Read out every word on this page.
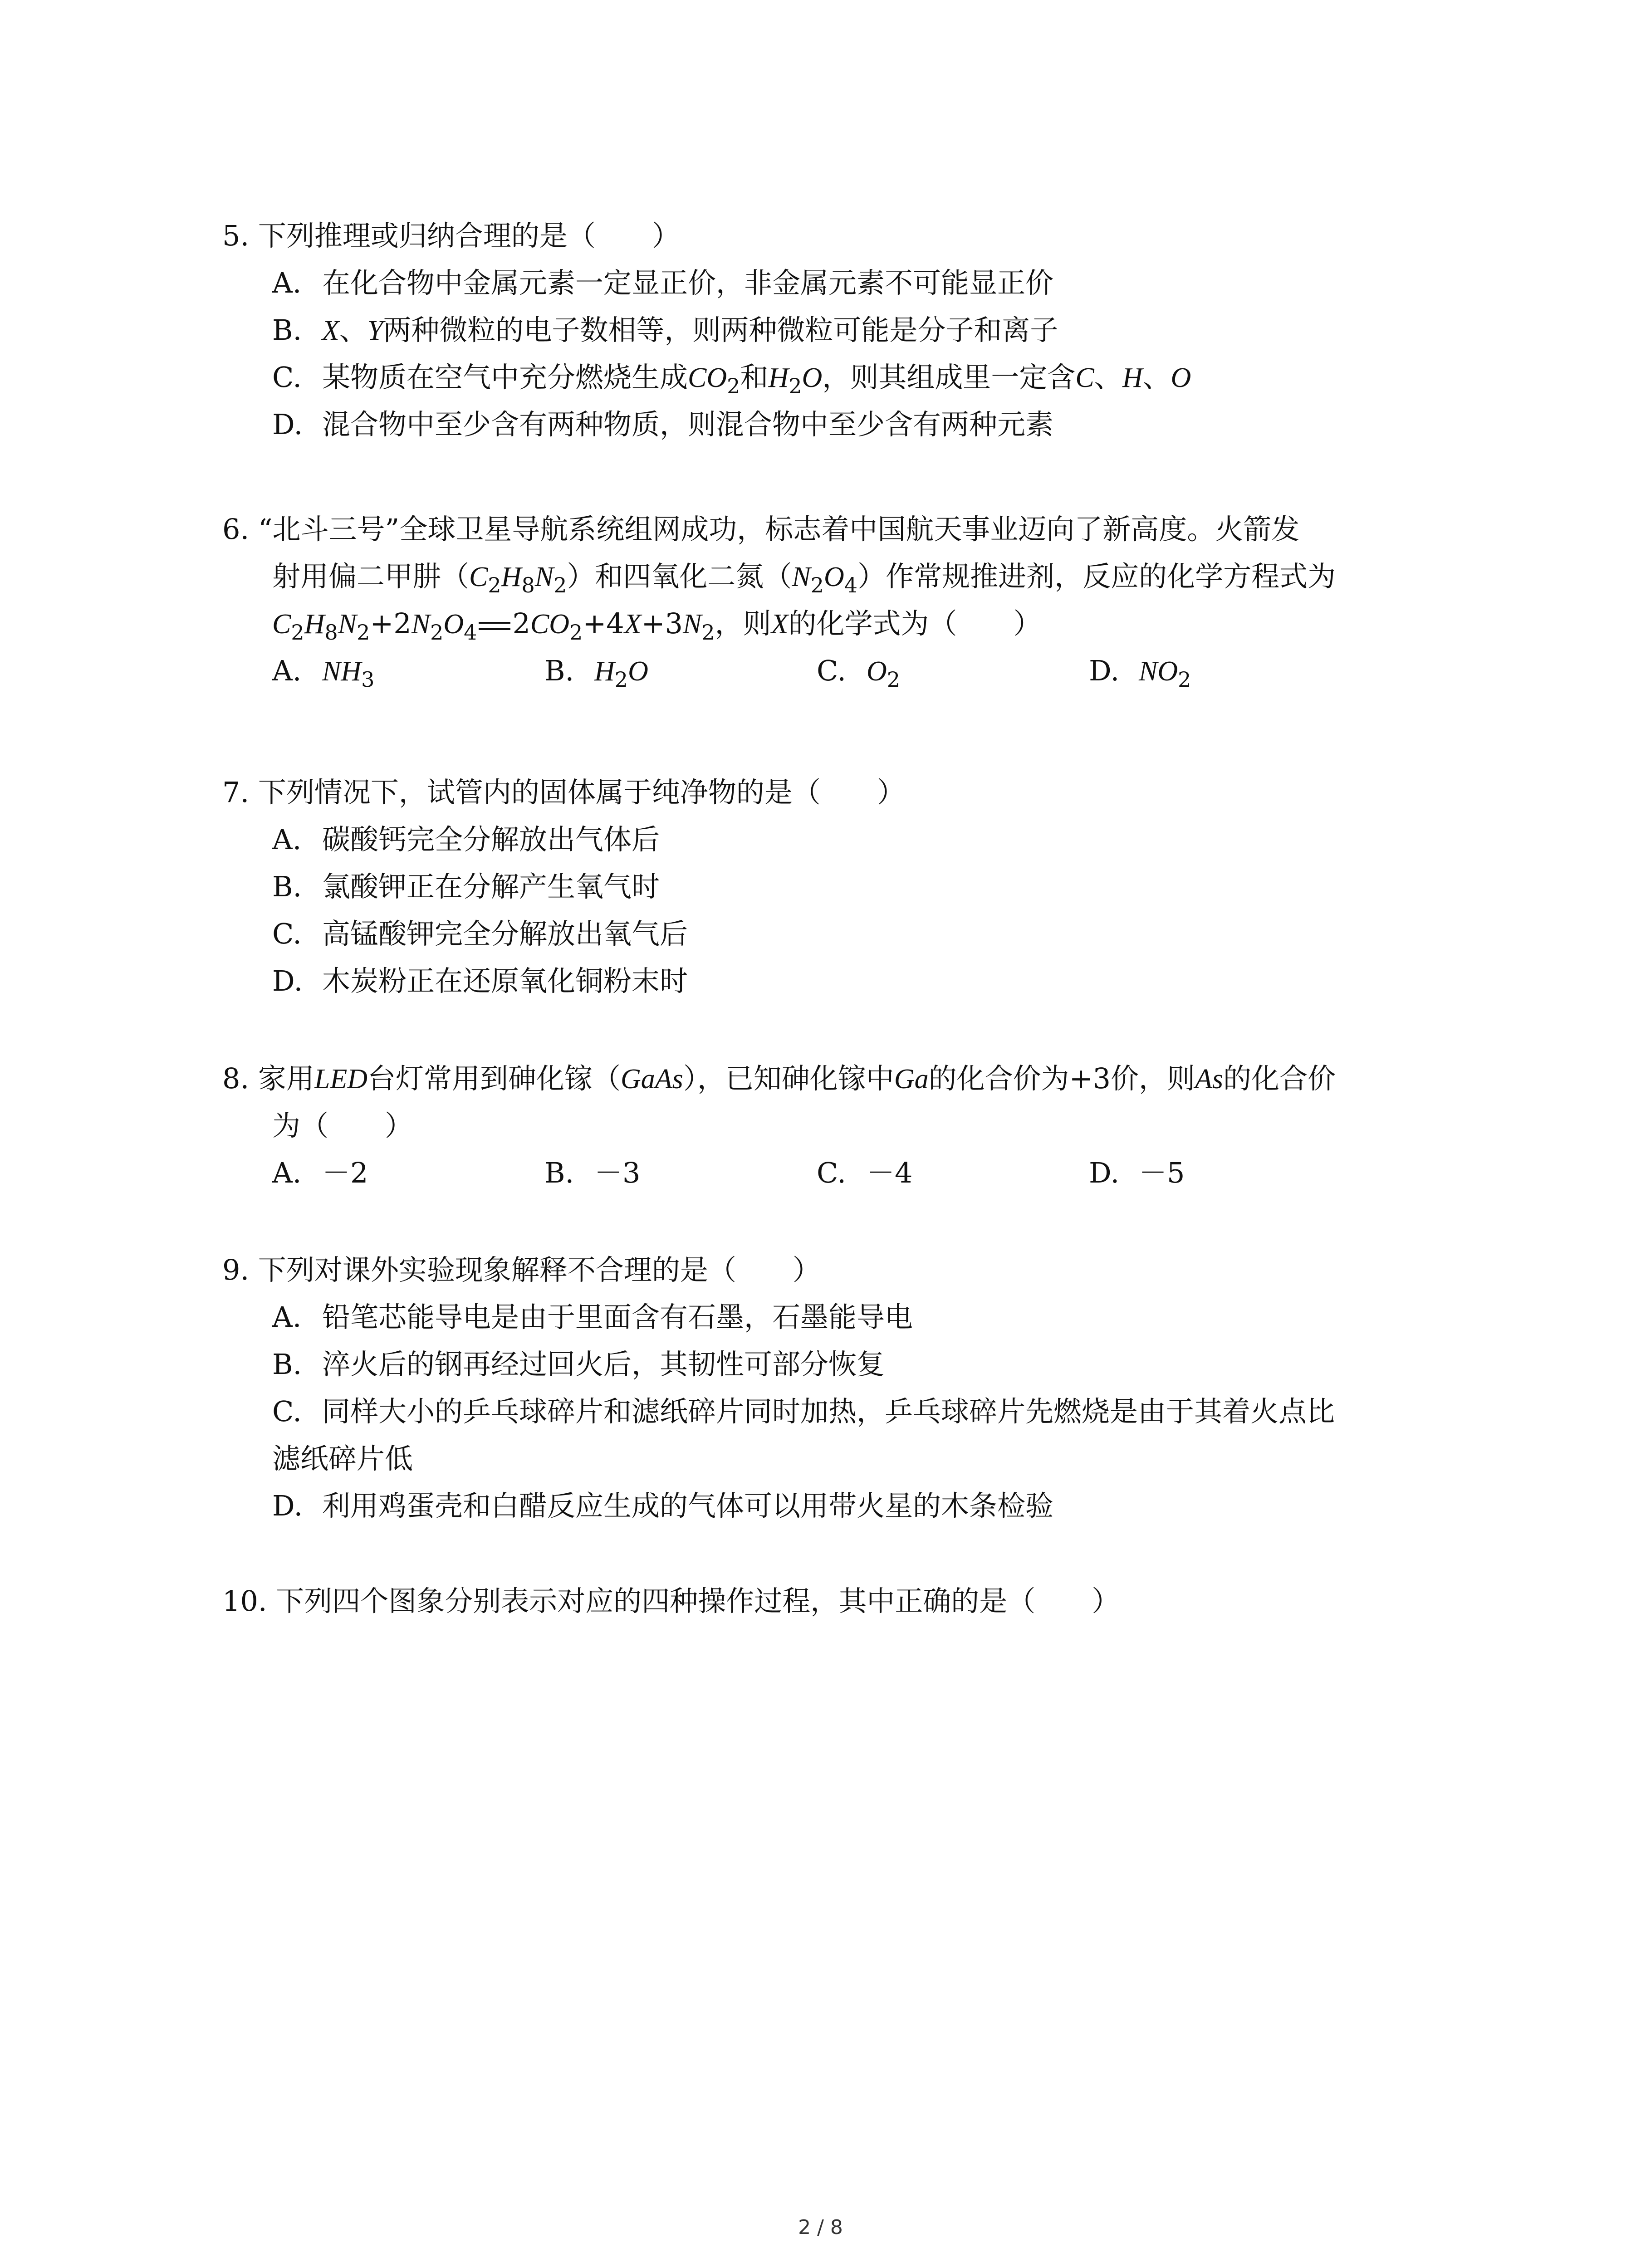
5. 下列推理或归纳合理的是（　　）
A. 在化合物中金属元素一定显正价，非金属元素不可能显正价
B. X、Y两种微粒的电子数相等，则两种微粒可能是分子和离子
C. 某物质在空气中充分燃烧生成$CO_2$和$H_2O$，则其组成里一定含C、H、O
D. 混合物中至少含有两种物质，则混合物中至少含有两种元素
6. “北斗三号”全球卫星导航系统组网成功，标志着中国航天事业迈向了新高度。火箭发
射用偏二甲肼$(C_2H_8N_2)$和四氧化二氮$(N_2O_4)$作常规推进剂，反应的化学方程式为
$C_2H_8N_2+2N_2O_4$ $2CO_2+4X+3N_2$，则X的化学式为（　　）
A. $NH_3$	B. $H_2O$	C. $O_2$	D. $NO_2$
7. 下列情况下，试管内的固体属于纯净物的是（　　）
A. 碳酸钙完全分解放出气体后
B. 氯酸钾正在分解产生氧气时
C. 高锰酸钾完全分解放出氧气后
D. 木炭粉正在还原氧化铜粉末时
8. 家用LED台灯常用到砷化镓（GaAs），已知砷化镓中Ga的化合价为+3价，则As的化合价
为（　　）
A. －2	B. －3	C. －4	D. －5
9. 下列对课外实验现象解释不合理的是（　　）
A. 铅笔芯能导电是由于里面含有石墨，石墨能导电
B. 淬火后的钢再经过回火后，其韧性可部分恢复
C. 同样大小的乒乓球碎片和滤纸碎片同时加热，乒乓球碎片先燃烧是由于其着火点比
滤纸碎片低
D. 利用鸡蛋壳和白醋反应生成的气体可以用带火星的木条检验
10. 下列四个图象分别表示对应的四种操作过程，其中正确的是（　　）
2 / 8
